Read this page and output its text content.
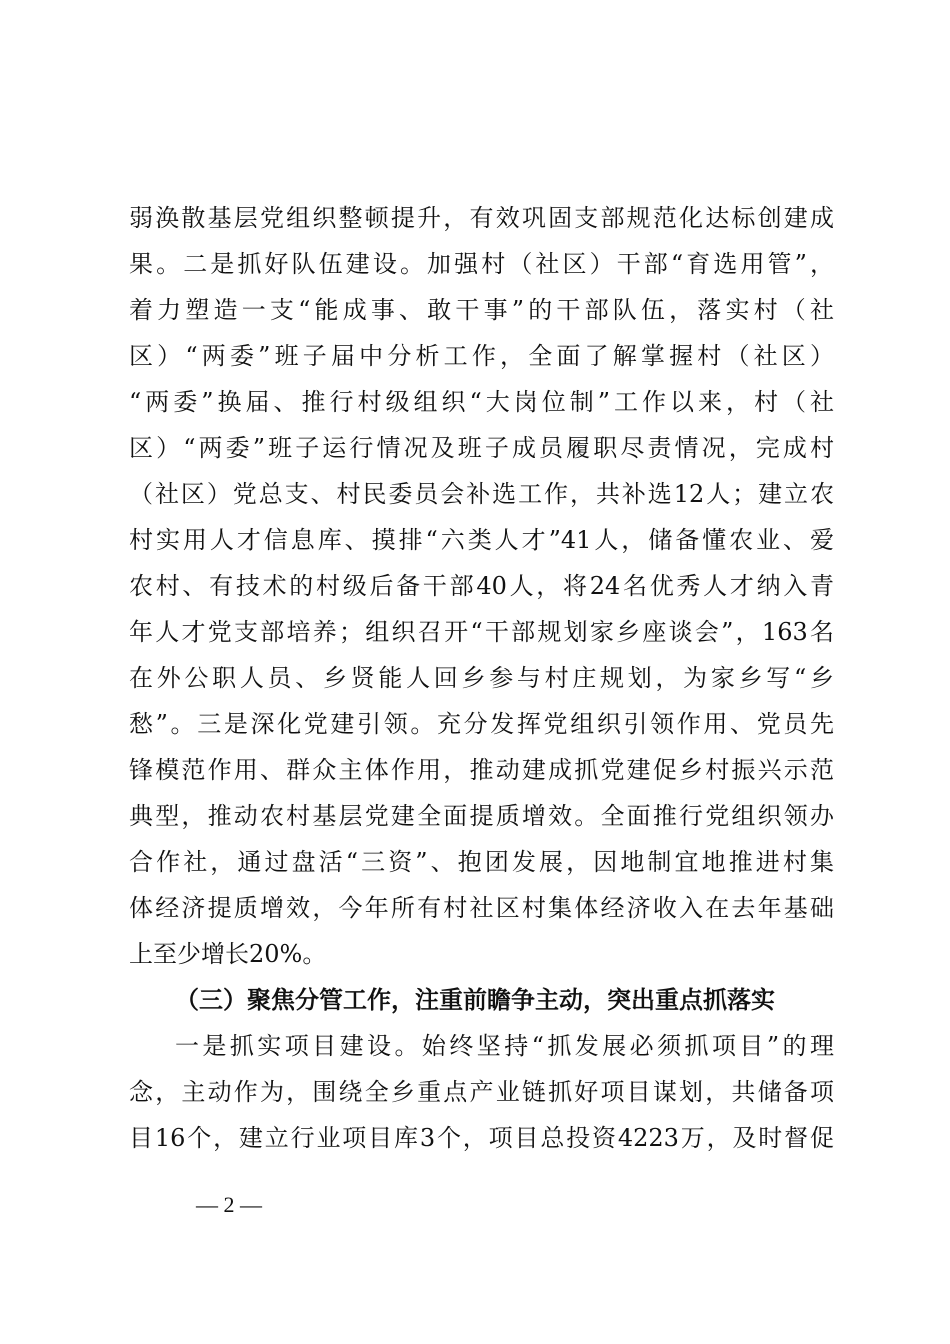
弱涣散基层党组织整顿提升，有效巩固支部规范化达标创建成
果。二是抓好队伍建设。加强村（社区）干部“育选用管”，
着力塑造一支“能成事、敢干事”的干部队伍，落实村（社
区）“两委”班子届中分析工作，全面了解掌握村（社区）
“两委”换届、推行村级组织“大岗位制”工作以来，村（社
区）“两委”班子运行情况及班子成员履职尽责情况，完成村
（社区）党总支、村民委员会补选工作，共补选12人；建立农
村实用人才信息库、摸排“六类人才”41人，储备懂农业、爱
农村、有技术的村级后备干部40人，将24名优秀人才纳入青
年人才党支部培养；组织召开“干部规划家乡座谈会”，163名
在外公职人员、乡贤能人回乡参与村庄规划，为家乡写“乡
愁”。三是深化党建引领。充分发挥党组织引领作用、党员先
锋模范作用、群众主体作用，推动建成抓党建促乡村振兴示范
典型，推动农村基层党建全面提质增效。全面推行党组织领办
合作社，通过盘活“三资”、抱团发展，因地制宜地推进村集
体经济提质增效，今年所有村社区村集体经济收入在去年基础
上至少增长20%。
（三）聚焦分管工作，注重前瞻争主动，突出重点抓落实
一是抓实项目建设。始终坚持“抓发展必须抓项目”的理
念，主动作为，围绕全乡重点产业链抓好项目谋划，共储备项
目16个，建立行业项目库3个，项目总投资4223万，及时督促
— 2 —
